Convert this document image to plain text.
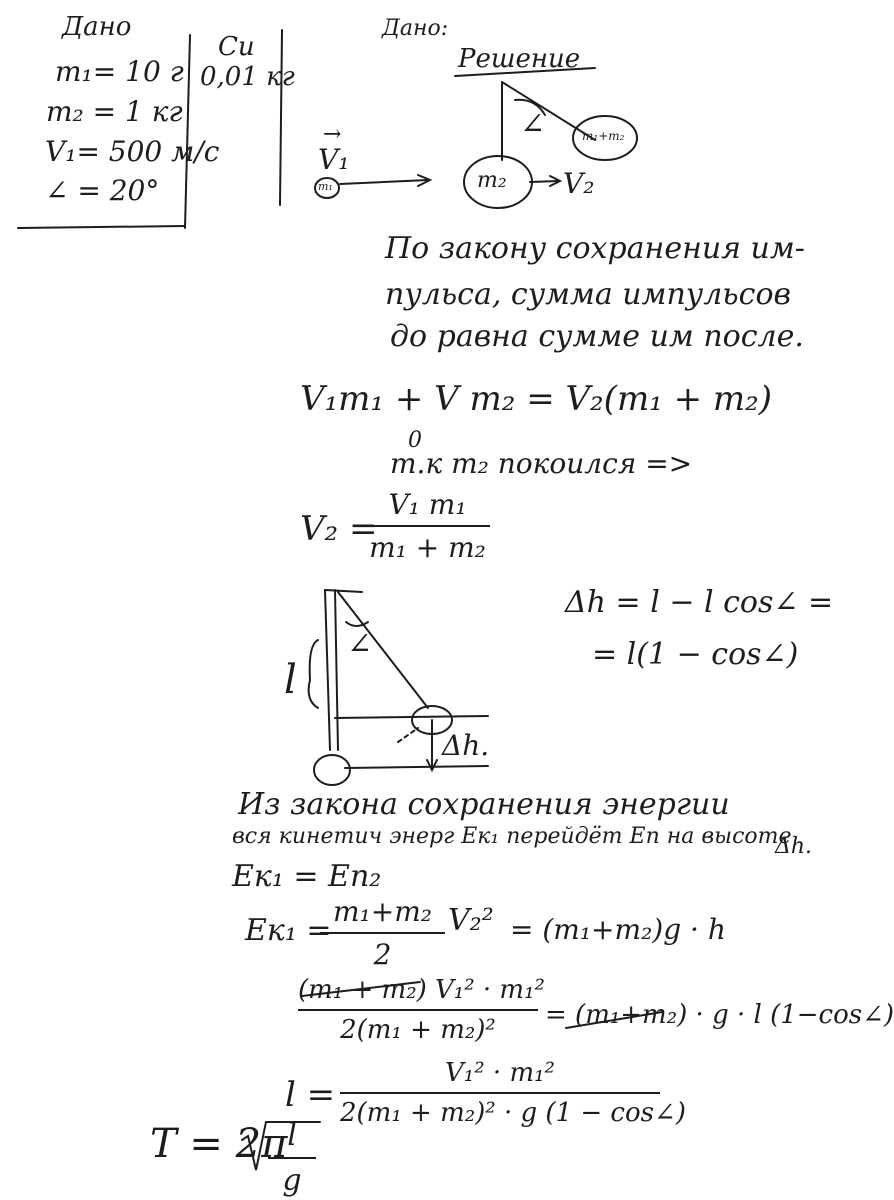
Дано
m₁= 10 г
m₂ = 1 кг
V₁= 500 м/с
∠ = 20°
Си
0,01 кг
Дано:
Решение
∠
→
V₁
m₁	m₂ V₂
m₁+m₂
По закону сохранения им-
пульса, сумма импульсов
до равна сумме им после.
V₁m₁ + V m₂ = V₂(m₁ + m₂)
0
т.к m₂ покоился =>
V₂ =
V₁ m₁
m₁ + m₂
∠
l
Δh.
Δh = l − l cos∠ =
= l(1 − cos∠)
Из закона сохранения энергии
вся кинетич энерг Ек₁ перейдёт Еп на высоте
Δh.
Ек₁ = Еп₂
Ек₁ =
m₁+m₂
2
V₂² = (m₁+m₂)g · h
(m₁ + m₂) V₁² · m₁²
2(m₁ + m₂)²	= (m₁+m₂) · g · l (1−cos∠)
l =
V₁² · m₁²
2(m₁ + m₂)² · g (1 − cos∠)
T = 2π l
g
